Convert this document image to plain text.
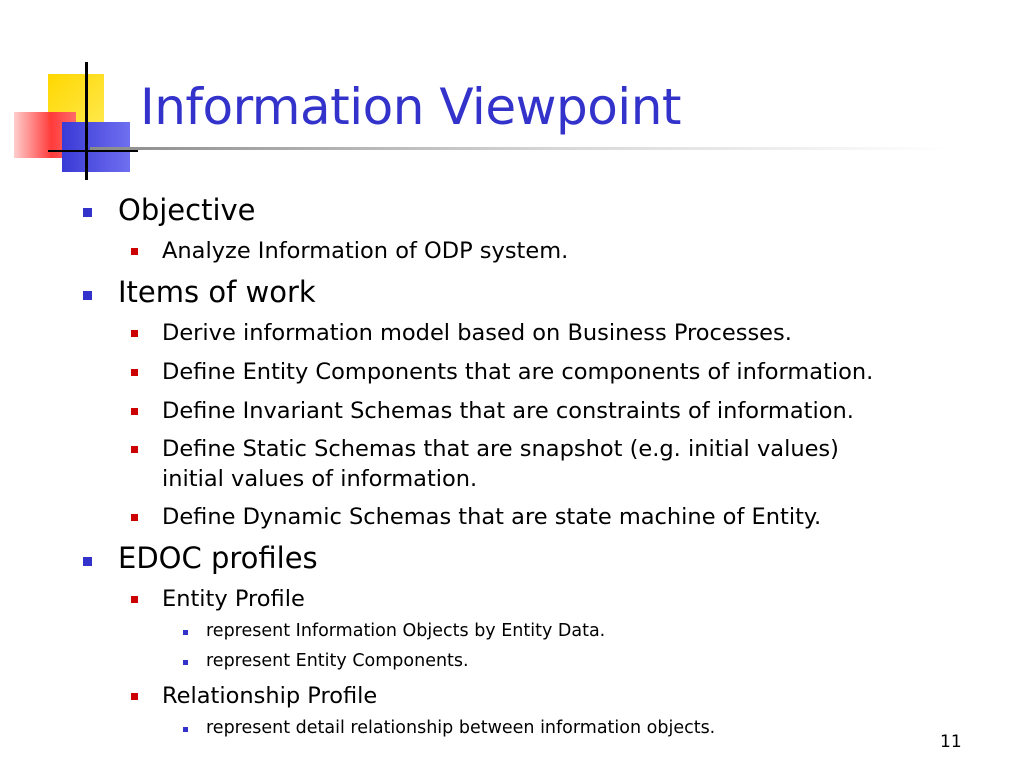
Information Viewpoint
Objective
Analyze Information of ODP system.
Items of work
Derive information model based on Business Processes.
Define Entity Components that are components of information.
Define Invariant Schemas that are constraints of information.
Define Static Schemas that are snapshot (e.g. initial values)
initial values of information.
Define Dynamic Schemas that are state machine of Entity.
EDOC profiles
Entity Profile
represent Information Objects by Entity Data.
represent Entity Components.
Relationship Profile
represent detail relationship between information objects.
11
